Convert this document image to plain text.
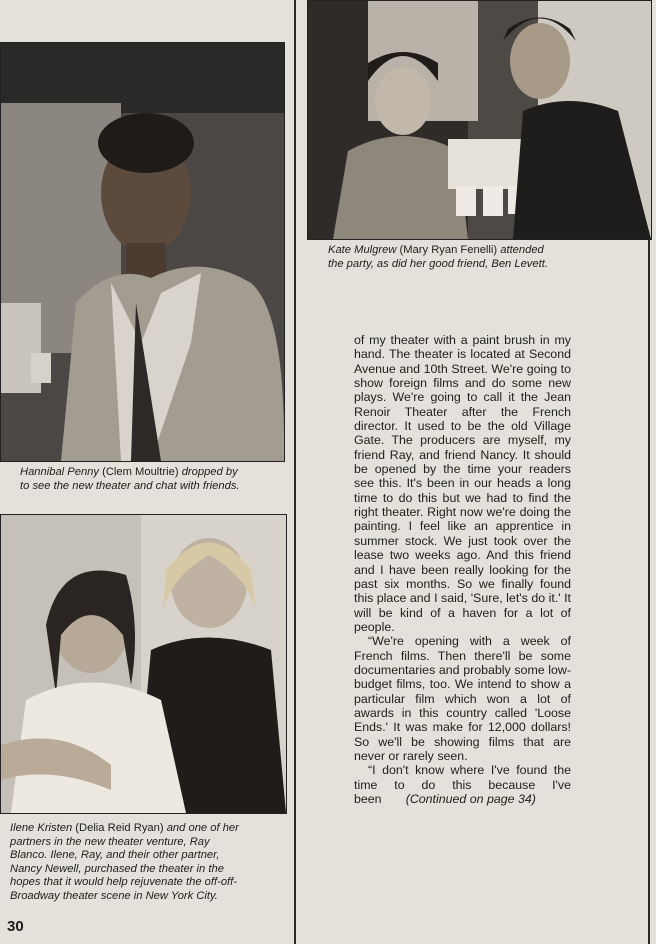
Hannibal Penny (Clem Moultrie) dropped by
to see the new theater and chat with friends.
Kate Mulgrew (Mary Ryan Fenelli) attended
the party, as did her good friend, Ben Levett.
Ilene Kristen (Delia Reid Ryan) and one of her
partners in the new theater venture, Ray
Blanco. Ilene, Ray, and their other partner,
Nancy Newell, purchased the theater in the
hopes that it would help rejuvenate the off-off-
Broadway theater scene in New York City.

of my theater with a paint brush in my hand. The theater is located at Second Avenue and 10th Street. We're going to show foreign films and do some new plays. We're going to call it the Jean Renoir Theater after the French director. It used to be the old Village Gate. The producers are myself, my friend Ray, and friend Nancy. It should be opened by the time your readers see this. It's been in our heads a long time to do this but we had to find the right theater. Right now we're doing the painting. I feel like an apprentice in summer stock. We just took over the lease two weeks ago. And this friend and I have been really looking for the past six months. So we finally found this place and I said, 'Sure, let's do it.' It will be kind of a haven for a lot of people.

“We're opening with a week of French films. Then there'll be some documentaries and probably some low-budget films, too. We intend to show a particular film which won a lot of awards in this country called 'Loose Ends.' It was make for 12,000 dollars! So we'll be showing films that are never or rarely seen.

“I don't know where I've found the time to do this because I've been (Continued on page 34)

30
